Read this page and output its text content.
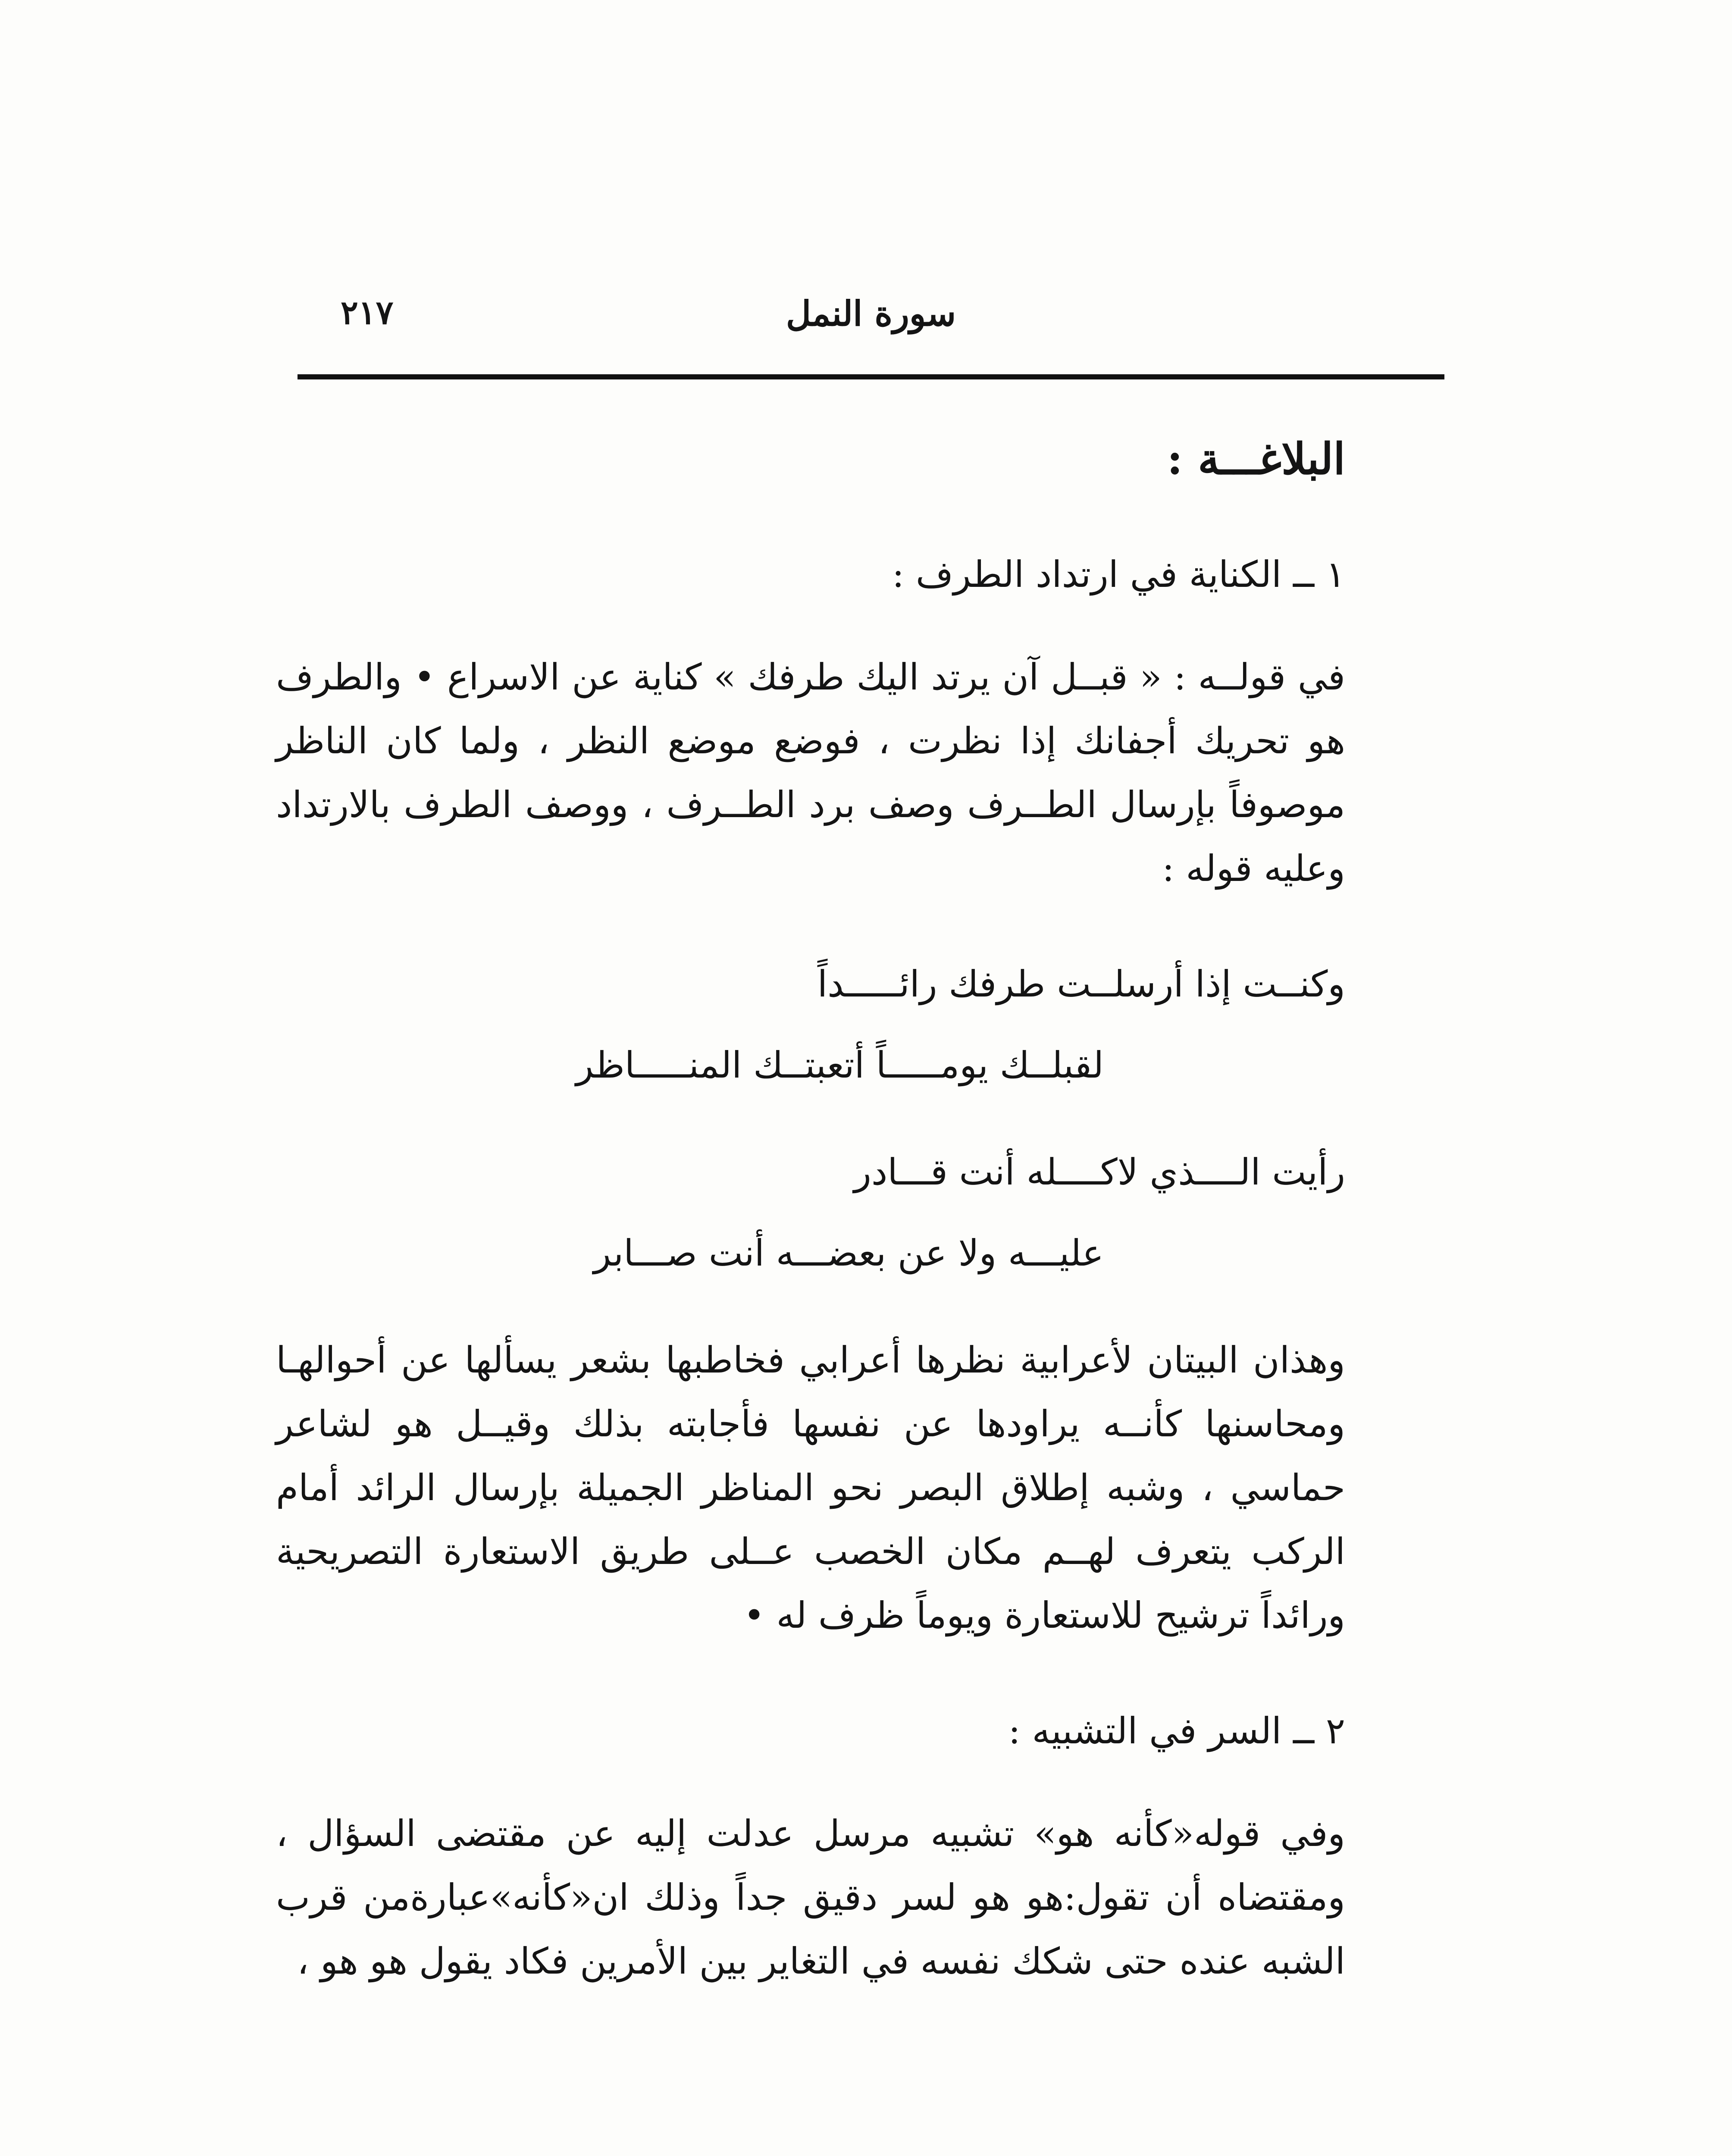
٢١٧	سورة النمل
البلاغـــة :
١ ــ الكناية في ارتداد الطرف :

في قولــه : « قبــل آن يرتد اليك طرفك » كناية عن الاسراع • والطرف هو تحريك أجفانك إذا نظرت ، فوضع موضع النظر ، ولما كان الناظر موصوفاً بإرسال الطــرف وصف برد الطــرف ، ووصف الطرف بالارتداد وعليه قوله :

وكنــت إذا أرسلــت طرفك رائـــــداً
لقبلــك يومـــــاً أتعبتــك المنـــــاظر
رأيت الــــذي لاكــــله أنت قـــادر
عليـــه ولا عن بعضـــه أنت صـــابر

وهذان البيتان لأعرابية نظرها أعرابي فخاطبها بشعر يسألها عن أحوالهـا ومحاسنها كأنــه يراودها عن نفسها فأجابته بذلك وقيــل هو لشاعر حماسي ، وشبه إطلاق البصر نحو المناظر الجميلة بإرسال الرائد أمام الركب يتعرف لهــم مكان الخصب عــلى طريق الاستعارة التصريحية ورائداً ترشيح للاستعارة ويوماً ظرف له •

٢ ــ السر في التشبيه :

وفي قوله«كأنه هو» تشبيه مرسل عدلت إليه عن مقتضى السؤال ، ومقتضاه أن تقول:هو هو لسر دقيق جداً وذلك ان«كأنه»عبارةمن قرب الشبه عنده حتى شكك نفسه في التغاير بين الأمرين فكاد يقول هو هو ،
